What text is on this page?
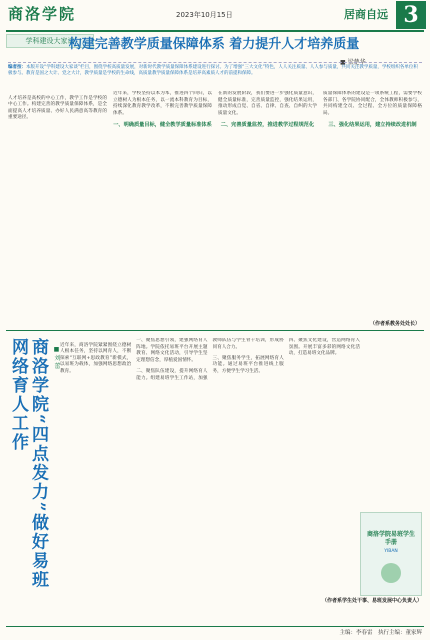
商洛学院	2023年10月15日	居商自远 3
学科建设大家谈
构建完善教学质量保障体系 着力提升人才培养质量
■ 梁楚华
编者按：本版开设“学科建设大家谈”栏目，围绕学校高质量发展，对新时代教学质量保障体系建设进行探讨。为了增强“三大文化”特色，人人关注质量、人人参与质量，共同关注教学质量，学校组织各单位积极参与。教育是国之大计、党之大计，教学质量是学校的生命线，高质量教学质量保障体系是培养高素质人才的前提和保障。

人才培养是高校的中心工作，教学工作是学校的中心工作。构建完善的教学质量保障体系，是全面提高人才培养质量、办好人民满意高等教育的重要途径。

近年来，学校坚持以本为本，推进四个回归，以立德树人为根本任务，以一流本科教育为目标，持续深化教育教学改革，不断完善教学质量保障体系。

一、明确质量目标，健全教学质量标准体系

在新的发展阶段，我们要进一步强化质量意识，健全质量标准，完善质量监控，强化结果运用，推动形成自觉、自省、自律、自查、自纠的大学质量文化。

二、完善质量监控，推进教学过程规范化

质量保障体系的建设是一项系统工程，需要学校各部门、各学院协同配合，全体教师积极参与，共同构建全员、全过程、全方位的质量保障格局。

三、强化结果运用，建立持续改进机制
（作者系教务处处长）
商洛学院“四点发力”做好易班网络育人工作	■ 刘 蕾

近年来，商洛学院紧紧围绕立德树人根本任务，坚持以网育人，不断探索“互联网+思政教育”新模式，以易班为载体，加强网络思想政治教育。

一、聚焦思想引领，建强网络育人阵地。学院依托易班平台开展主题教育、网络文化活动，引导学生坚定理想信念，厚植爱国情怀。

二、聚焦队伍建设，提升网络育人能力。组建易班学生工作站，加强教师队伍与学生骨干培训，形成协同育人合力。

三、聚焦服务学生，拓展网络育人功能。通过易班平台推进线上服务，方便学生学习生活。

四、聚焦文化建设，营造网络育人氛围。开展丰富多彩的网络文化活动，打造易班文化品牌。

商洛学院易班学生手册
YIBAN
（作者系学生处干事、易班发展中心负责人）
主编：李春雷　执行主编：董家辉
